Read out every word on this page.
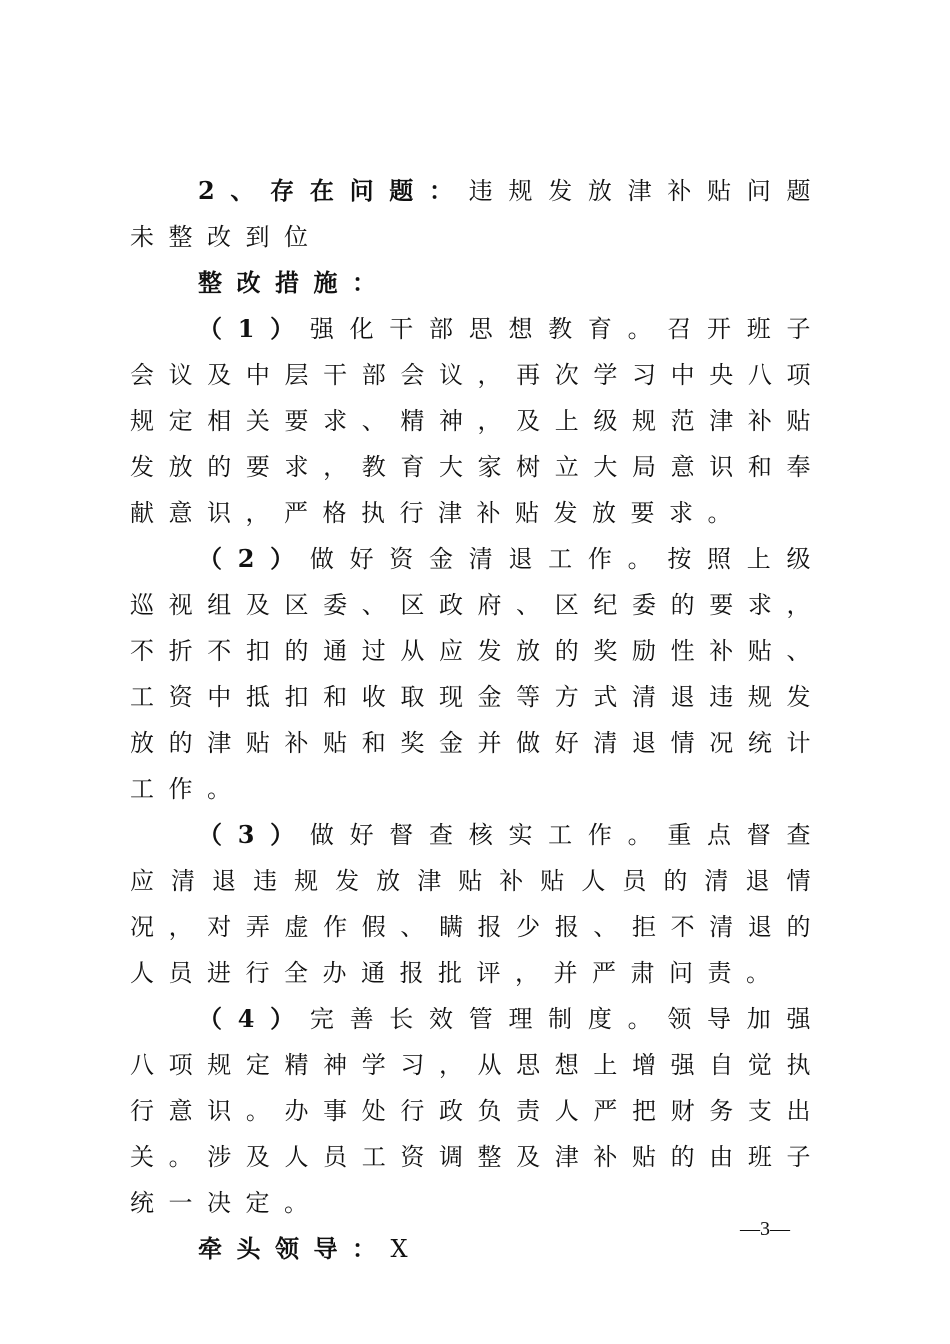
2、存在问题：违规发放津补贴问题未整改到位

整改措施：

（1）强化干部思想教育。召开班子会议及中层干部会议，再次学习中央八项规定相关要求、精神，及上级规范津补贴发放的要求，教育大家树立大局意识和奉献意识，严格执行津补贴发放要求。

（2）做好资金清退工作。按照上级巡视组及区委、区政府、区纪委的要求，不折不扣的通过从应发放的奖励性补贴、工资中抵扣和收取现金等方式清退违规发放的津贴补贴和奖金并做好清退情况统计工作。

（3）做好督查核实工作。重点督查应清退违规发放津贴补贴人员的清退情况，对弄虚作假、瞒报少报、拒不清退的人员进行全办通报批评，并严肃问责。

（4）完善长效管理制度。领导加强八项规定精神学习，从思想上增强自觉执行意识。办事处行政负责人严把财务支出关。涉及人员工资调整及津补贴的由班子统一决定。

牵头领导：X

—3—
